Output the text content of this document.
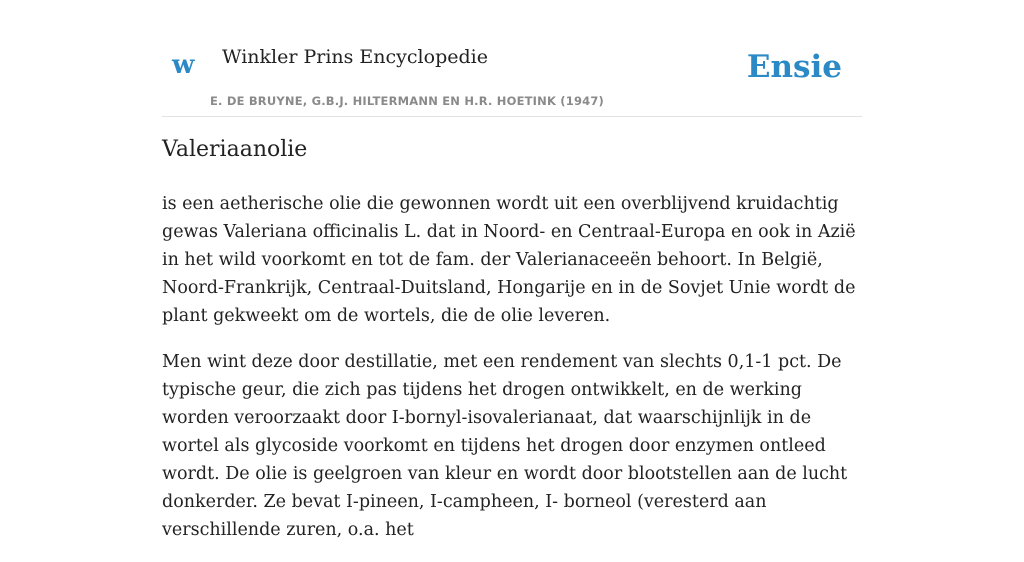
w Winkler Prins Encyclopedie
E. DE BRUYNE, G.B.J. HILTERMANN EN H.R. HOETINK (1947)
Ensie
Valeriaanolie

is een aetherische olie die gewonnen wordt uit een overblijvend kruidachtig gewas Valeriana officinalis L. dat in Noord- en Centraal-Europa en ook in Azië in het wild voorkomt en tot de fam. der Valerianaceeën behoort. In België, Noord-Frankrijk, Centraal-Duitsland, Hongarije en in de Sovjet Unie wordt de plant gekweekt om de wortels, die de olie leveren.

Men wint deze door destillatie, met een rendement van slechts 0,1-1 pct. De typische geur, die zich pas tijdens het drogen ontwikkelt, en de werking worden veroorzaakt door I-bornyl-isovalerianaat, dat waarschijnlijk in de wortel als glycoside voorkomt en tijdens het drogen door enzymen ontleed wordt. De olie is geelgroen van kleur en wordt door blootstellen aan de lucht donkerder. Ze bevat I-pineen, I-campheen, I- borneol (veresterd aan verschillende zuren, o.a. het
